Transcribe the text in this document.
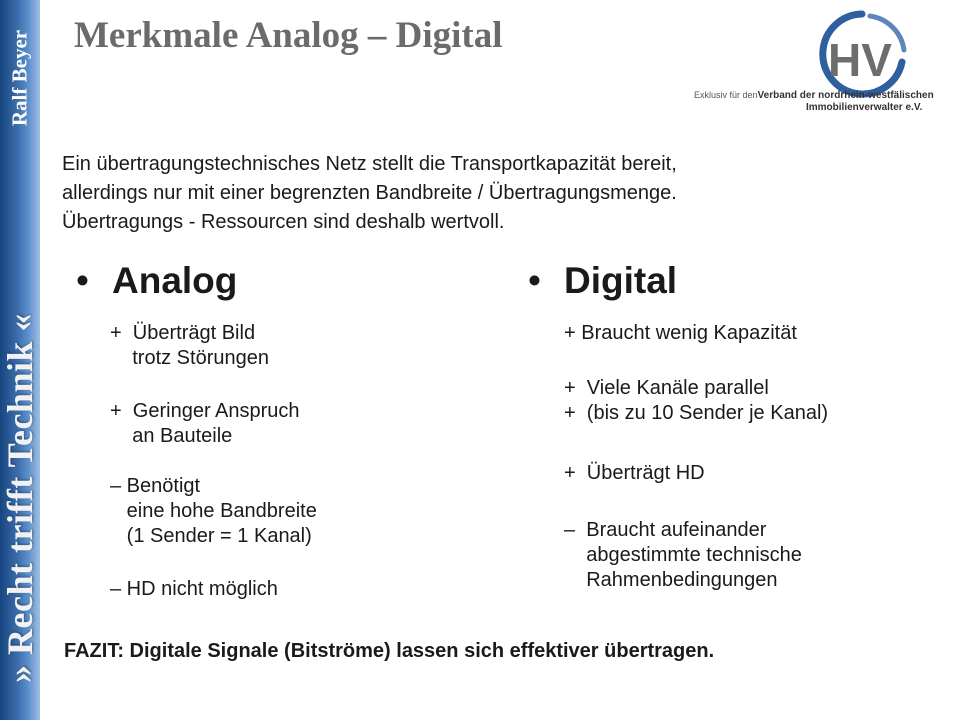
Ralf Beyer
» Recht trifft Technik «
Merkmale Analog – Digital	HV
Exklusiv für denVerband der nordrhein-westfälischen
Immobilienverwalter e.V.
Ein übertragungstechnisches Netz stellt die Transportkapazität bereit,
allerdings nur mit einer begrenzten Bandbreite / Übertragungsmenge.
Übertragungs - Ressourcen sind deshalb wertvoll.
• Analog
+  Überträgt Bild
trotz Störungen
+  Geringer Anspruch
an Bauteile
– Benötigt
eine hohe Bandbreite
(1 Sender = 1 Kanal)
– HD nicht möglich
• Digital
+ Braucht wenig Kapazität
+  Viele Kanäle parallel
+  (bis zu 10 Sender je Kanal)
+  Überträgt HD
–  Braucht aufeinander
abgestimmte technische
Rahmenbedingungen
FAZIT: Digitale Signale (Bitströme) lassen sich effektiver übertragen.
